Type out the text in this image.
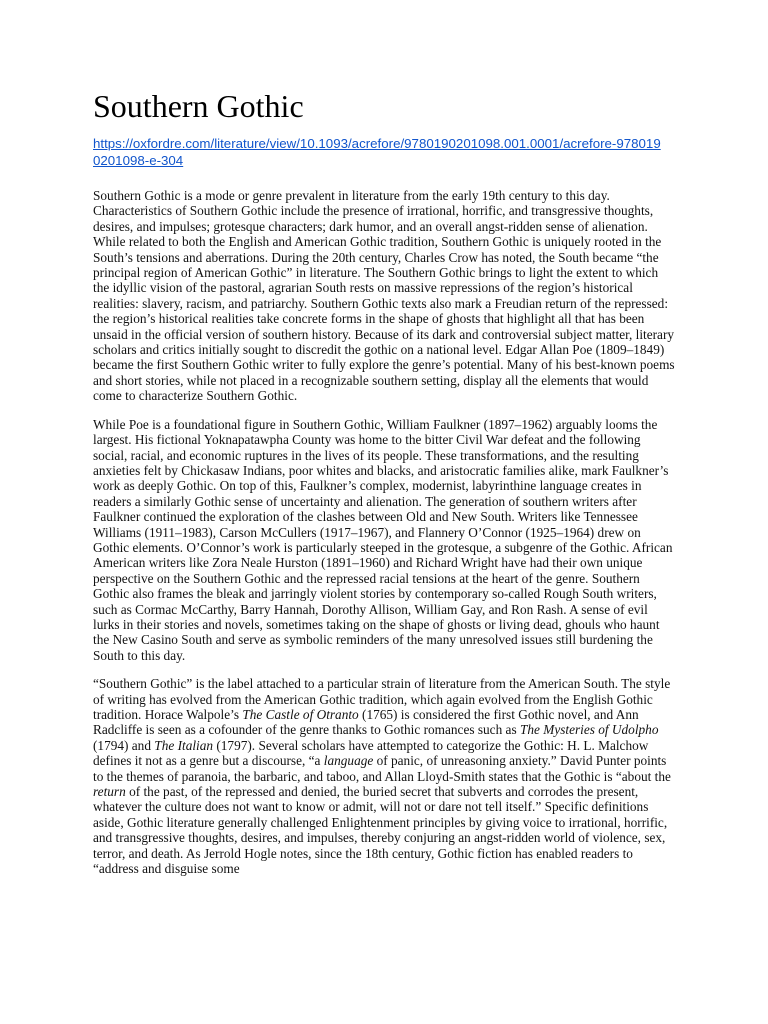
Southern Gothic
https://oxfordre.com/literature/view/10.1093/acrefore/9780190201098.001.0001/acrefore-9780190201098-e-304

Southern Gothic is a mode or genre prevalent in literature from the early 19th century to this day. Characteristics of Southern Gothic include the presence of irrational, horrific, and transgressive thoughts, desires, and impulses; grotesque characters; dark humor, and an overall angst-ridden sense of alienation. While related to both the English and American Gothic tradition, Southern Gothic is uniquely rooted in the South’s tensions and aberrations. During the 20th century, Charles Crow has noted, the South became “the principal region of American Gothic” in literature. The Southern Gothic brings to light the extent to which the idyllic vision of the pastoral, agrarian South rests on massive repressions of the region’s historical realities: slavery, racism, and patriarchy. Southern Gothic texts also mark a Freudian return of the repressed: the region’s historical realities take concrete forms in the shape of ghosts that highlight all that has been unsaid in the official version of southern history. Because of its dark and controversial subject matter, literary scholars and critics initially sought to discredit the gothic on a national level. Edgar Allan Poe (1809–1849) became the first Southern Gothic writer to fully explore the genre’s potential. Many of his best-known poems and short stories, while not placed in a recognizable southern setting, display all the elements that would come to characterize Southern Gothic.

While Poe is a foundational figure in Southern Gothic, William Faulkner (1897–1962) arguably looms the largest. His fictional Yoknapatawpha County was home to the bitter Civil War defeat and the following social, racial, and economic ruptures in the lives of its people. These transformations, and the resulting anxieties felt by Chickasaw Indians, poor whites and blacks, and aristocratic families alike, mark Faulkner’s work as deeply Gothic. On top of this, Faulkner’s complex, modernist, labyrinthine language creates in readers a similarly Gothic sense of uncertainty and alienation. The generation of southern writers after Faulkner continued the exploration of the clashes between Old and New South. Writers like Tennessee Williams (1911–1983), Carson McCullers (1917–1967), and Flannery O’Connor (1925–1964) drew on Gothic elements. O’Connor’s work is particularly steeped in the grotesque, a subgenre of the Gothic. African American writers like Zora Neale Hurston (1891–1960) and Richard Wright have had their own unique perspective on the Southern Gothic and the repressed racial tensions at the heart of the genre. Southern Gothic also frames the bleak and jarringly violent stories by contemporary so-called Rough South writers, such as Cormac McCarthy, Barry Hannah, Dorothy Allison, William Gay, and Ron Rash. A sense of evil lurks in their stories and novels, sometimes taking on the shape of ghosts or living dead, ghouls who haunt the New Casino South and serve as symbolic reminders of the many unresolved issues still burdening the South to this day.

“Southern Gothic” is the label attached to a particular strain of literature from the American South. The style of writing has evolved from the American Gothic tradition, which again evolved from the English Gothic tradition. Horace Walpole’s The Castle of Otranto (1765) is considered the first Gothic novel, and Ann Radcliffe is seen as a cofounder of the genre thanks to Gothic romances such as The Mysteries of Udolpho (1794) and The Italian (1797). Several scholars have attempted to categorize the Gothic: H. L. Malchow defines it not as a genre but a discourse, “a language of panic, of unreasoning anxiety.” David Punter points to the themes of paranoia, the barbaric, and taboo, and Allan Lloyd-Smith states that the Gothic is “about the return of the past, of the repressed and denied, the buried secret that subverts and corrodes the present, whatever the culture does not want to know or admit, will not or dare not tell itself.” Specific definitions aside, Gothic literature generally challenged Enlightenment principles by giving voice to irrational, horrific, and transgressive thoughts, desires, and impulses, thereby conjuring an angst-ridden world of violence, sex, terror, and death. As Jerrold Hogle notes, since the 18th century, Gothic fiction has enabled readers to “address and disguise some
